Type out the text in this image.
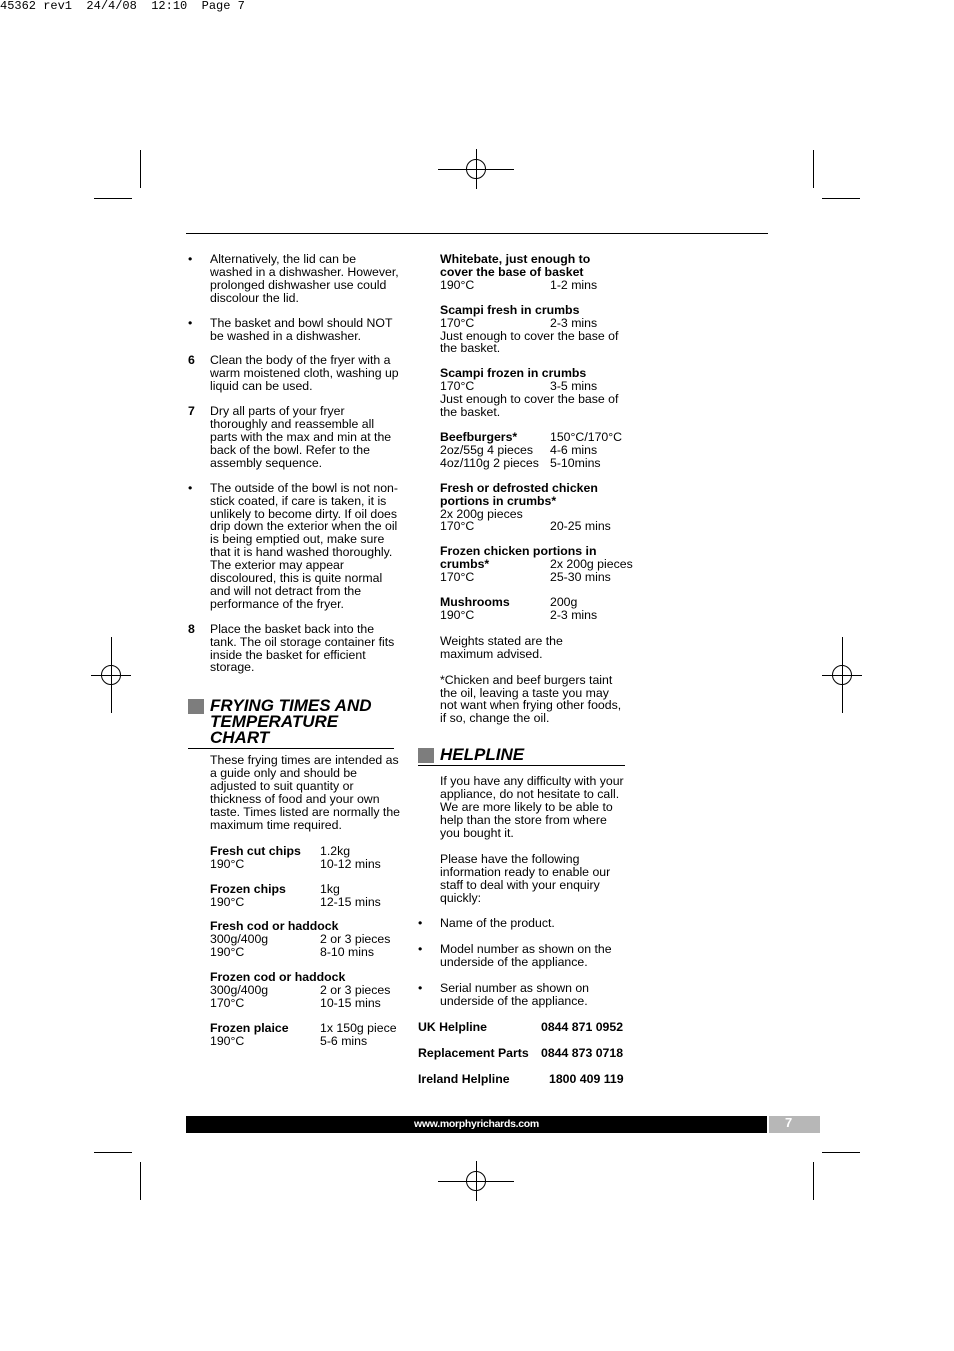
45362 rev1  24/4/08  12:10  Page 7
• Alternatively, the lid can be washed in a dishwasher. However, prolonged dishwasher use could discolour the lid.
• The basket and bowl should NOT be washed in a dishwasher.
6 Clean the body of the fryer with a warm moistened cloth, washing up liquid can be used.
7 Dry all parts of your fryer thoroughly and reassemble all parts with the max and min at the back of the bowl. Refer to the assembly sequence.
• The outside of the bowl is not non-stick coated, if care is taken, it is unlikely to become dirty. If oil does drip down the exterior when the oil is being emptied out, make sure that it is hand washed thoroughly. The exterior may appear discoloured, this is quite normal and will not detract from the performance of the fryer.
8 Place the basket back into the tank. The oil storage container fits inside the basket for efficient storage.
FRYING TIMES AND TEMPERATURE CHART
These frying times are intended as a guide only and should be adjusted to suit quantity or thickness of food and your own taste. Times listed are normally the maximum time required.
Fresh cut chips	1.2kg
190°C	10-12 mins
Frozen chips	1kg
190°C	12-15 mins
Fresh cod or haddock
300g/400g	2 or 3 pieces
190°C	8-10 mins
Frozen cod or haddock
300g/400g	2 or 3 pieces
170°C	10-15 mins
Frozen plaice	1x 150g piece
190°C	5-6 mins
Whitebate, just enough to cover the base of basket
190°C	1-2 mins
Scampi fresh in crumbs
170°C	2-3 mins
Just enough to cover the base of the basket.
Scampi frozen in crumbs
170°C	3-5 mins
Just enough to cover the base of the basket.
Beefburgers*	150°C/170°C
2oz/55g 4 pieces	4-6 mins
4oz/110g 2 pieces 5-10mins
Fresh or defrosted chicken portions in crumbs*
2x 200g pieces
170°C	20-25 mins
Frozen chicken portions in
crumbs*	2x 200g pieces
170°C	25-30 mins
Mushrooms	200g
190°C	2-3 mins
Weights stated are the maximum advised.
*Chicken and beef burgers taint the oil, leaving a taste you may not want when frying other foods, if so, change the oil.
HELPLINE
If you have any difficulty with your appliance, do not hesitate to call. We are more likely to be able to help than the store from where you bought it.
Please have the following information ready to enable our staff to deal with your enquiry quickly:
• Name of the product.
• Model number as shown on the underside of the appliance.
• Serial number as shown on underside of the appliance.
UK Helpline	0844 871 0952
Replacement Parts 0844 873 0718
Ireland Helpline	1800 409 119
www.morphyrichards.com	7
